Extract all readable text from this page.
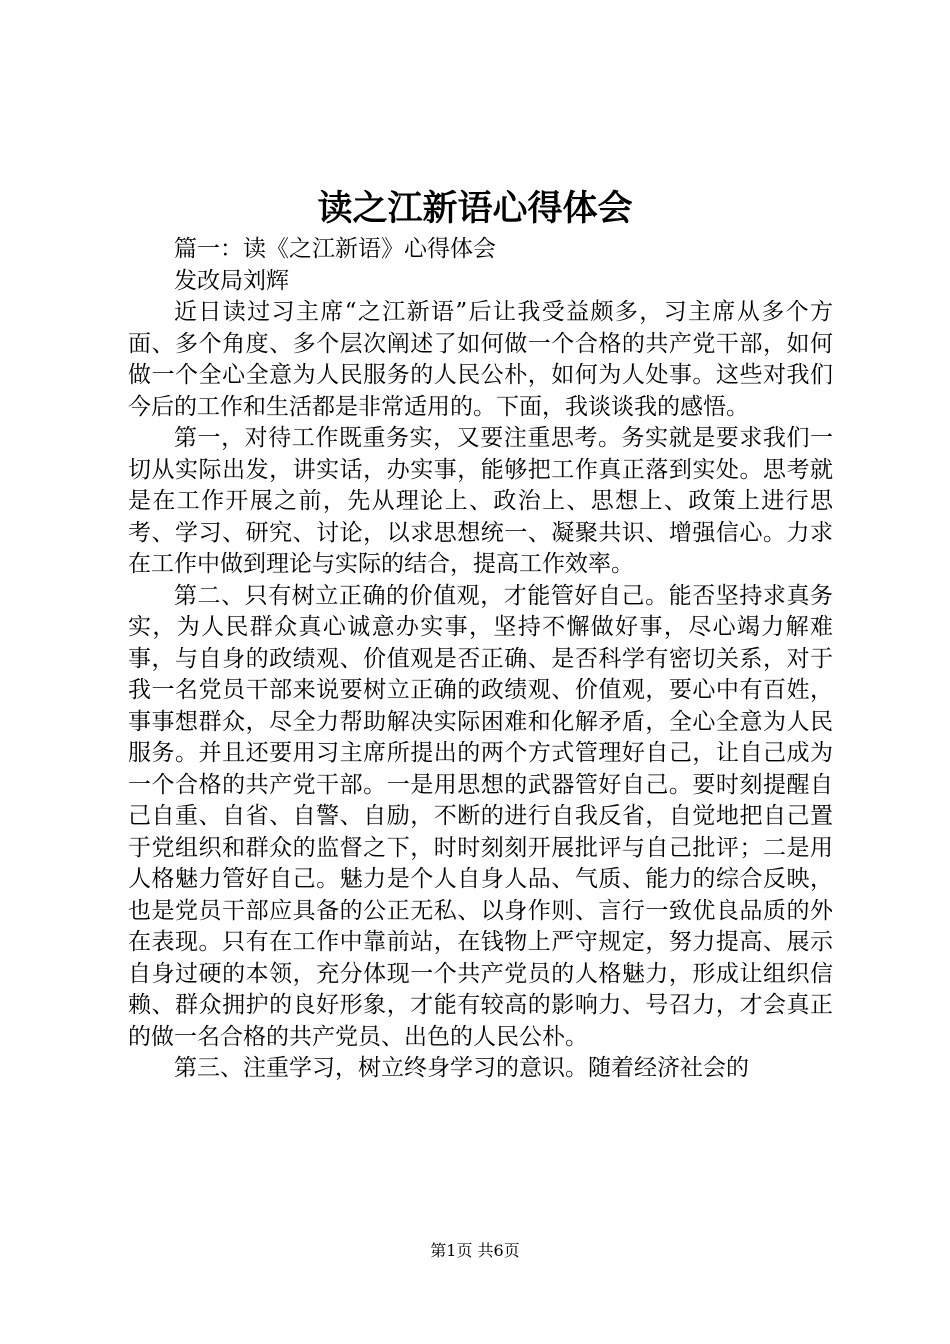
读之江新语心得体会

篇一：读《之江新语》心得体会

发改局刘辉

近日读过习主席“之江新语”后让我受益颇多，习主席从多个方面、多个角度、多个层次阐述了如何做一个合格的共产党干部，如何做一个全心全意为人民服务的人民公朴，如何为人处事。这些对我们今后的工作和生活都是非常适用的。下面，我谈谈我的感悟。

第一，对待工作既重务实，又要注重思考。务实就是要求我们一切从实际出发，讲实话，办实事，能够把工作真正落到实处。思考就是在工作开展之前，先从理论上、政治上、思想上、政策上进行思考、学习、研究、讨论，以求思想统一、凝聚共识、增强信心。力求在工作中做到理论与实际的结合，提高工作效率。

第二、只有树立正确的价值观，才能管好自己。能否坚持求真务实，为人民群众真心诚意办实事，坚持不懈做好事，尽心竭力解难事，与自身的政绩观、价值观是否正确、是否科学有密切关系，对于我一名党员干部来说要树立正确的政绩观、价值观，要心中有百姓，事事想群众，尽全力帮助解决实际困难和化解矛盾，全心全意为人民服务。并且还要用习主席所提出的两个方式管理好自己，让自己成为一个合格的共产党干部。一是用思想的武器管好自己。要时刻提醒自己自重、自省、自警、自励，不断的进行自我反省，自觉地把自己置于党组织和群众的监督之下，时时刻刻开展批评与自己批评；二是用人格魅力管好自己。魅力是个人自身人品、气质、能力的综合反映，也是党员干部应具备的公正无私、以身作则、言行一致优良品质的外在表现。只有在工作中靠前站，在钱物上严守规定，努力提高、展示自身过硬的本领，充分体现一个共产党员的人格魅力，形成让组织信赖、群众拥护的良好形象，才能有较高的影响力、号召力，才会真正的做一名合格的共产党员、出色的人民公朴。

第三、注重学习，树立终身学习的意识。随着经济社会的

第1页 共6页
